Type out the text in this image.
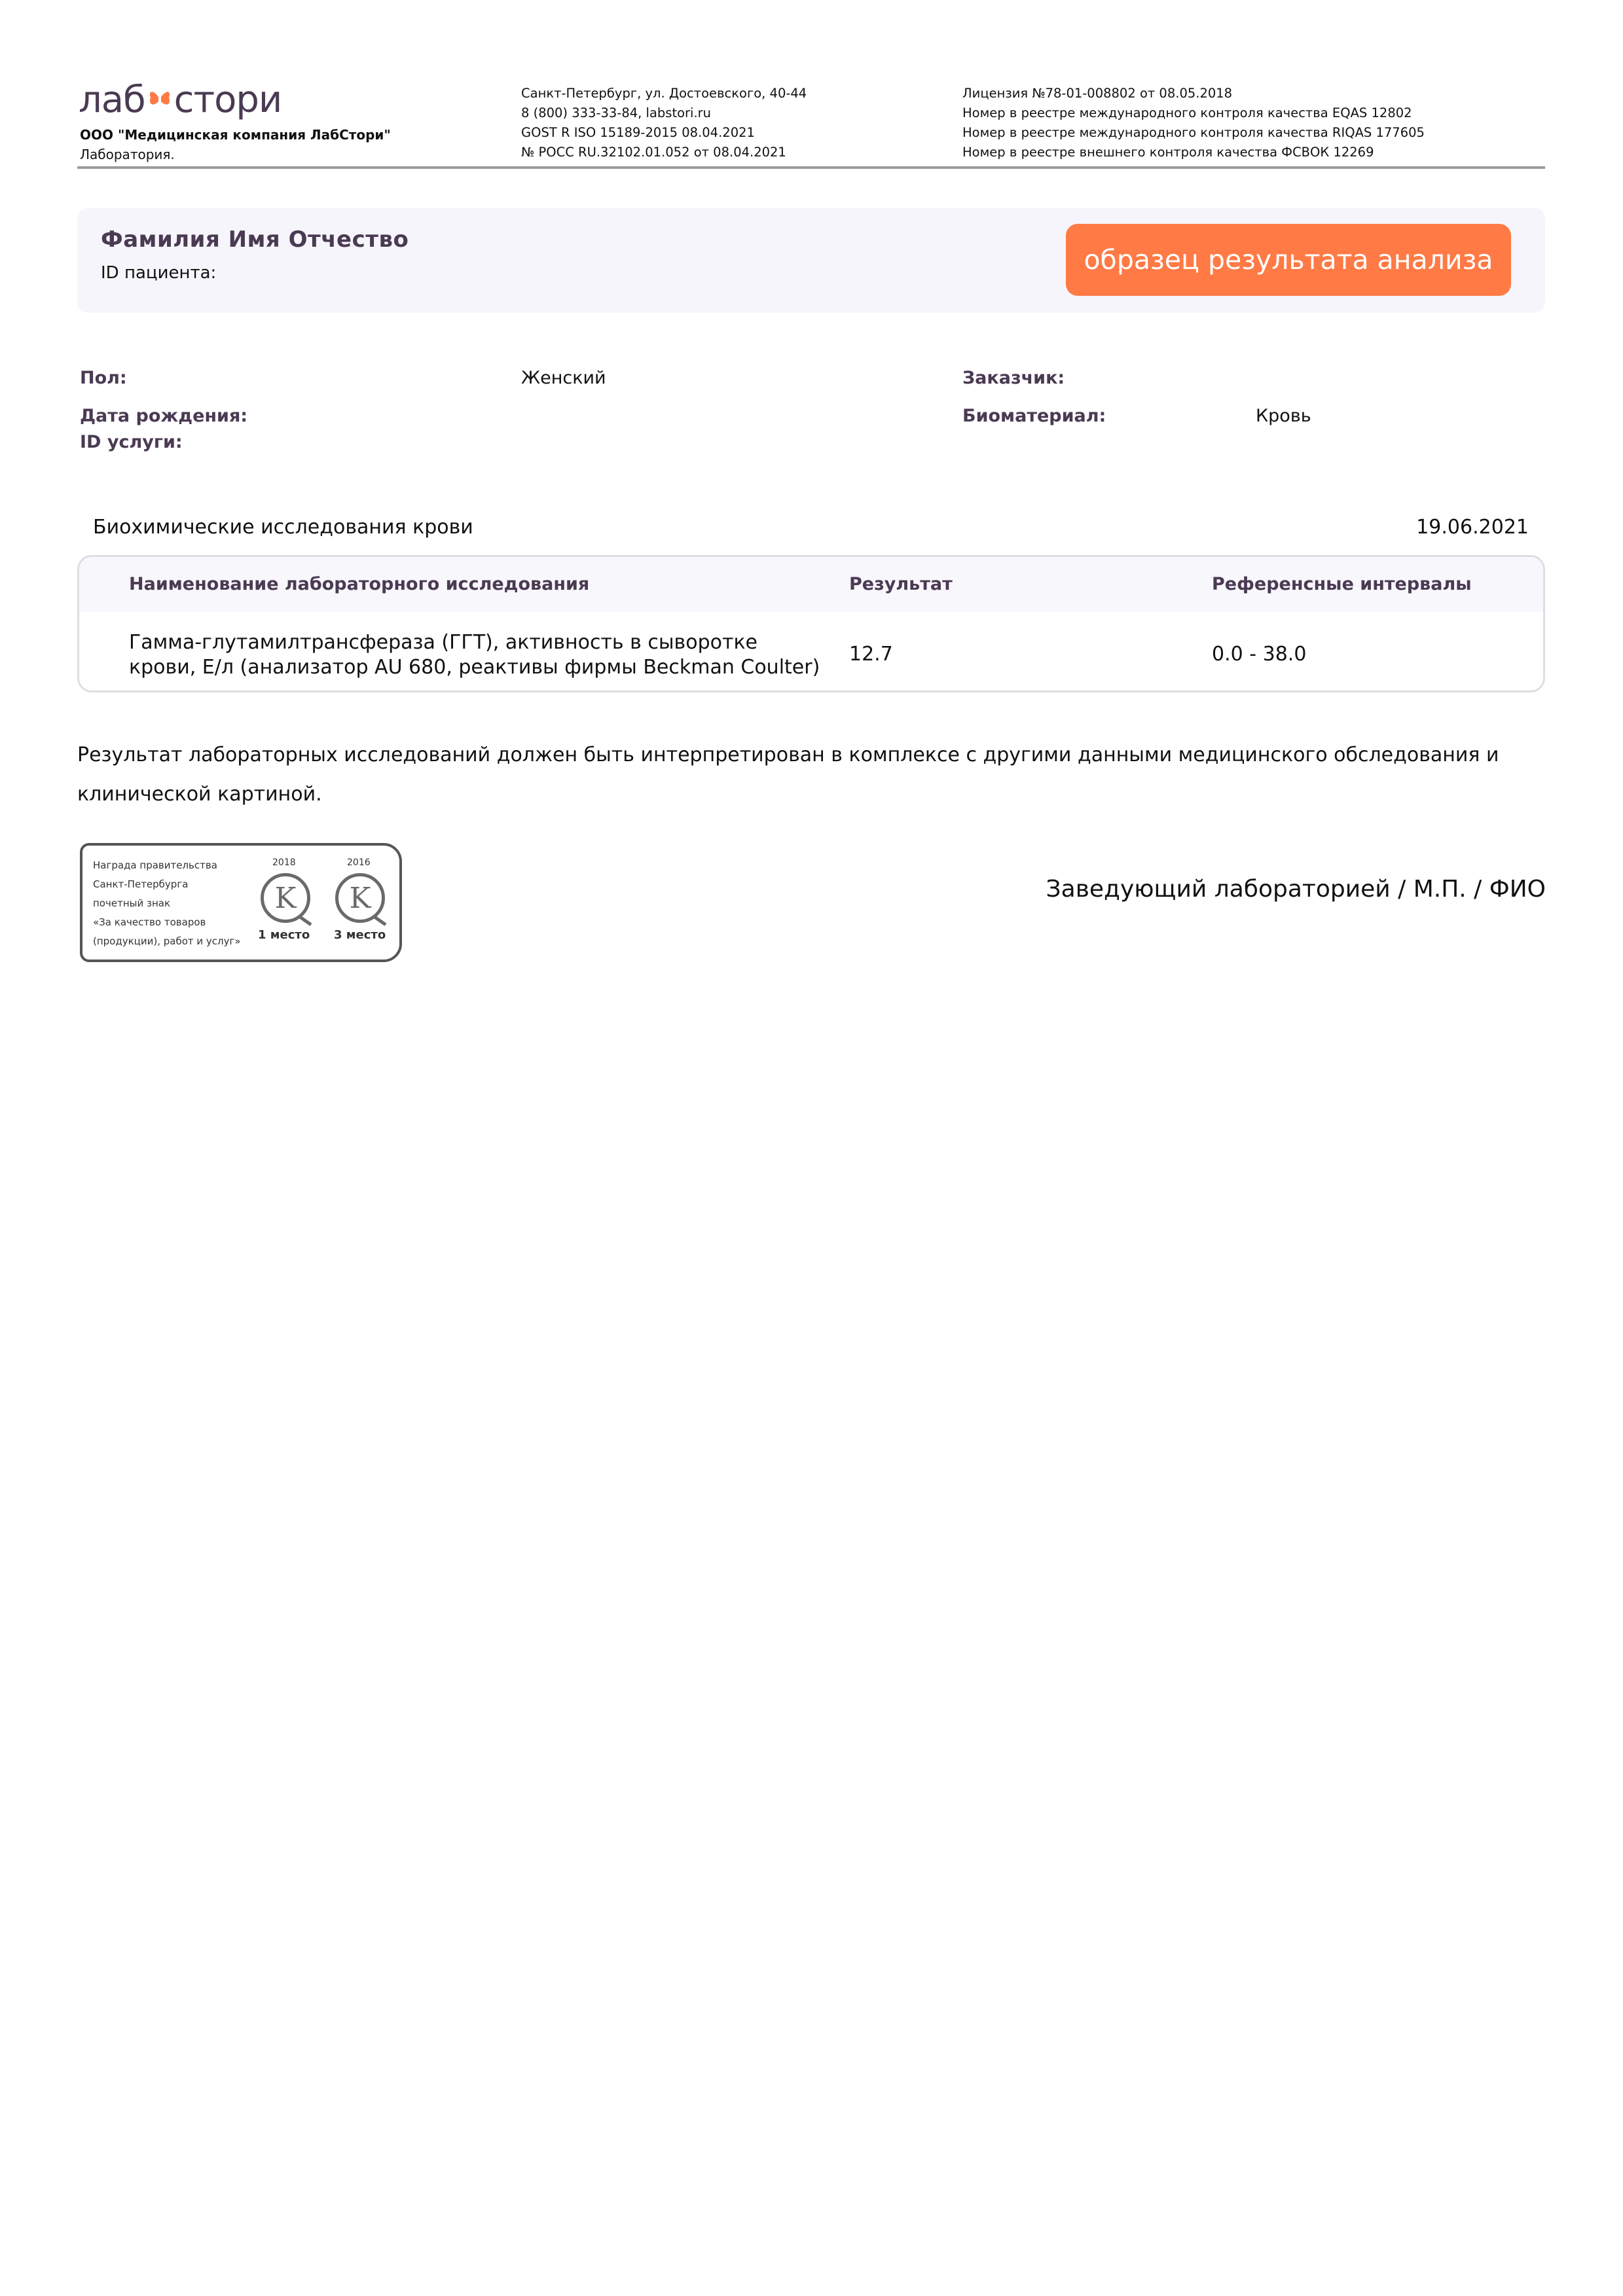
лаб стори
ООО "Медицинская компания ЛабСтори"
Лаборатория.
Санкт-Петербург, ул. Достоевского, 40-44
8 (800) 333-33-84, labstori.ru
GOST R ISO 15189-2015 08.04.2021
№ РОСС RU.32102.01.052 от 08.04.2021
Лицензия №78-01-008802 от 08.05.2018
Номер в реестре международного контроля качества EQAS 12802
Номер в реестре международного контроля качества RIQAS 177605
Номер в реестре внешнего контроля качества ФСВОК 12269
Фамилия Имя Отчество
ID пациента:	образец результата анализа
Пол:	Женский	Заказчик:
Дата рождения:	Биоматериал:	Кровь
ID услуги:
Биохимические исследования крови	19.06.2021
Наименование лабораторного исследования	Результат	Референсные интервалы
Гамма-глутамилтрансфераза (ГГТ), активность в сыворотке
крови, Е/л (анализатор AU 680, реактивы фирмы Beckman Coulter)
12.7	0.0 - 38.0
Результат лабораторных исследований должен быть интерпретирован в комплексе с другими данными медицинского обследования и клинической картиной.
Награда правительства
Санкт-Петербурга
почетный знак
«За качество товаров
(продукции), работ и услуг»
2018	2016
K K
1 место 3 место
Заведующий лабораторией / М.П. / ФИО
